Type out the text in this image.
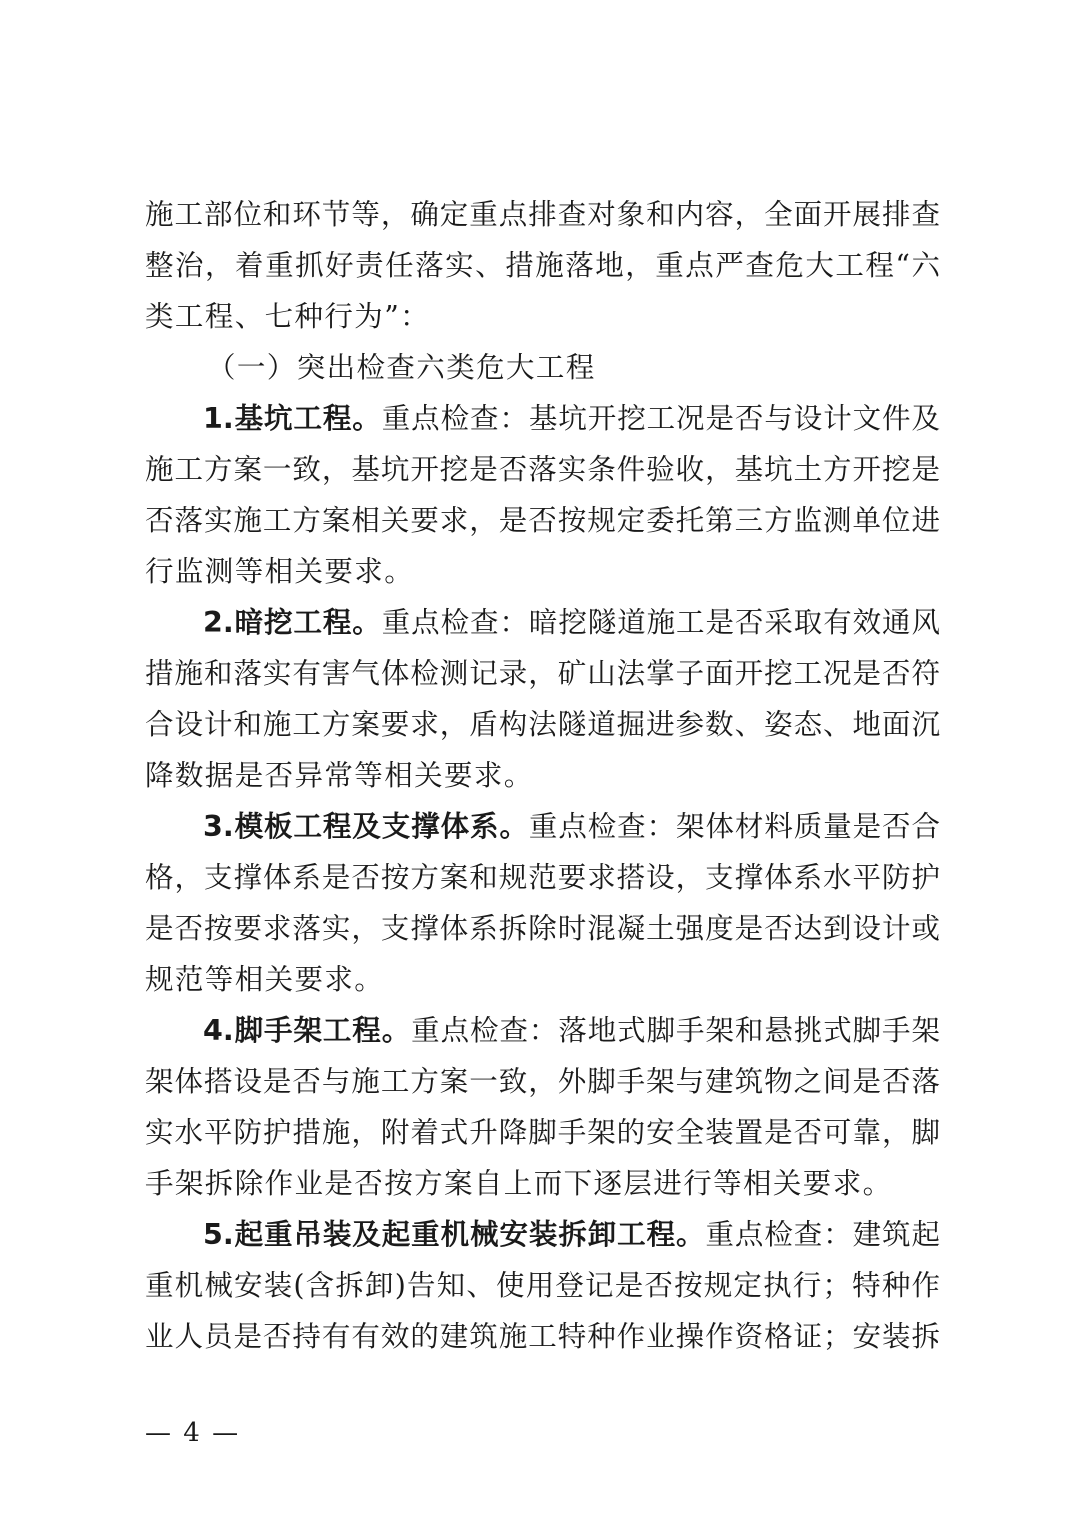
施工部位和环节等，确定重点排查对象和内容，全面开展排查
整治，着重抓好责任落实、措施落地，重点严查危大工程“六
类工程、七种行为”：
（一）突出检查六类危大工程
1.基坑工程。重点检查：基坑开挖工况是否与设计文件及
施工方案一致，基坑开挖是否落实条件验收，基坑土方开挖是
否落实施工方案相关要求，是否按规定委托第三方监测单位进
行监测等相关要求。
2.暗挖工程。重点检查：暗挖隧道施工是否采取有效通风
措施和落实有害气体检测记录，矿山法掌子面开挖工况是否符
合设计和施工方案要求，盾构法隧道掘进参数、姿态、地面沉
降数据是否异常等相关要求。
3.模板工程及支撑体系。重点检查：架体材料质量是否合
格，支撑体系是否按方案和规范要求搭设，支撑体系水平防护
是否按要求落实，支撑体系拆除时混凝土强度是否达到设计或
规范等相关要求。
4.脚手架工程。重点检查：落地式脚手架和悬挑式脚手架
架体搭设是否与施工方案一致，外脚手架与建筑物之间是否落
实水平防护措施，附着式升降脚手架的安全装置是否可靠，脚
手架拆除作业是否按方案自上而下逐层进行等相关要求。
5.起重吊装及起重机械安装拆卸工程。重点检查：建筑起
重机械安装(含拆卸)告知、使用登记是否按规定执行；特种作
业人员是否持有有效的建筑施工特种作业操作资格证；安装拆
— 4 —
